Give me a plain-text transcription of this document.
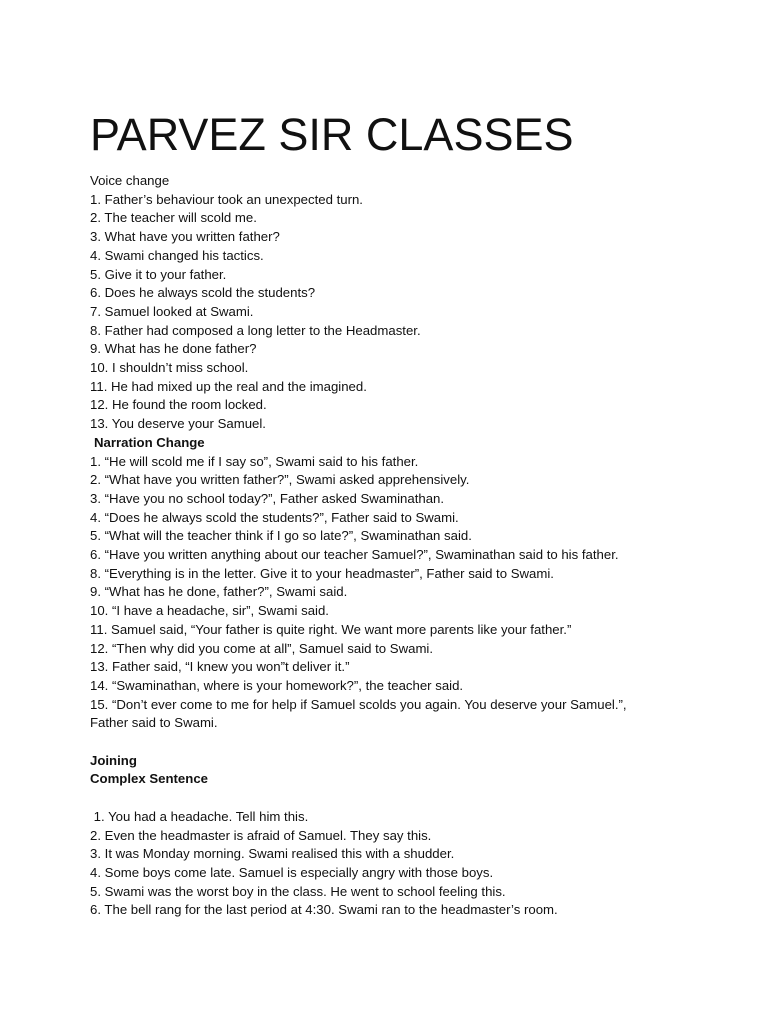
PARVEZ SIR CLASSES
Voice change
1. Father’s behaviour took an unexpected turn.
2. The teacher will scold me.
3. What have you written father?
4. Swami changed his tactics.
5. Give it to your father.
6. Does he always scold the students?
7. Samuel looked at Swami.
8. Father had composed a long letter to the Headmaster.
9. What has he done father?
10. I shouldn’t miss school.
11. He had mixed up the real and the imagined.
12. He found the room locked.
13. You deserve your Samuel.
Narration Change
1. “He will scold me if I say so”, Swami said to his father.
2. “What have you written father?”, Swami asked apprehensively.
3. “Have you no school today?”, Father asked Swaminathan.
4. “Does he always scold the students?”, Father said to Swami.
5. “What will the teacher think if I go so late?”, Swaminathan said.
6. “Have you written anything about our teacher Samuel?”, Swaminathan said to his father.
8. “Everything is in the letter. Give it to your headmaster”, Father said to Swami.
9. “What has he done, father?”, Swami said.
10. “I have a headache, sir”, Swami said.
11. Samuel said, “Your father is quite right. We want more parents like your father.”
12. “Then why did you come at all”, Samuel said to Swami.
13. Father said, “I knew you won”t deliver it.”
14. “Swaminathan, where is your homework?”, the teacher said.
15. “Don’t ever come to me for help if Samuel scolds you again. You deserve your Samuel.”,
Father said to Swami.
Joining
Complex Sentence
1. You had a headache. Tell him this.
2. Even the headmaster is afraid of Samuel. They say this.
3. It was Monday morning. Swami realised this with a shudder.
4. Some boys come late. Samuel is especially angry with those boys.
5. Swami was the worst boy in the class. He went to school feeling this.
6. The bell rang for the last period at 4:30. Swami ran to the headmaster’s room.
